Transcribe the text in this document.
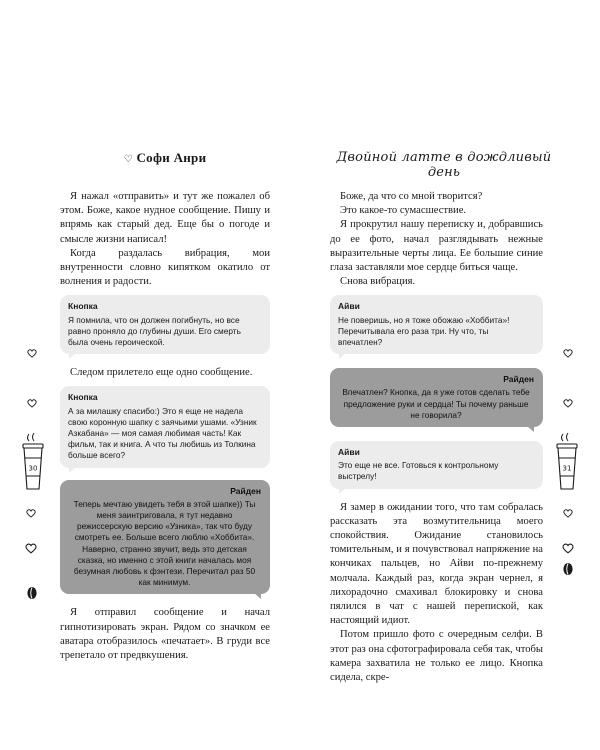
♡ Софи Анри

Я нажал «отправить» и тут же пожалел об этом. Боже, какое нудное сообщение. Пишу и впрямь как старый дед. Еще бы о погоде и смысле жизни написал!

Когда раздалась вибрация, мои внутренности словно кипятком окатило от волнения и радости.

Кнопка
Я помнила, что он должен погибнуть, но все равно проняло до глубины души. Его смерть была очень героической.

Следом прилетело еще одно сообщение.

Кнопка
А за милашку спасибо:) Это я еще не надела свою коронную шапку с заячьими ушами. «Узник Азкабана» — моя самая любимая часть! Как фильм, так и книга. А что ты любишь из Толкина больше всего?
Райден
Теперь мечтаю увидеть тебя в этой шапке)) Ты меня заинтриговала, я тут недавно режиссерскую версию «Узника», так что буду смотреть ее. Больше всего люблю «Хоббита». Наверно, странно звучит, ведь это детская сказка, но именно с этой книги началась моя безумная любовь к фэнтези. Перечитал раз 50 как минимум.

Я отправил сообщение и начал гипнотизировать экран. Рядом со значком ее аватара отобразилось «печатает». В груди все трепетало от предвкушения.

30
Двойной латте в дождливый день

Боже, да что со мной творится?

Это какое-то сумасшествие.

Я прокрутил нашу переписку и, добравшись до ее фото, начал разглядывать нежные выразительные черты лица. Ее большие синие глаза заставляли мое сердце биться чаще.

Снова вибрация.

Айви
Не поверишь, но я тоже обожаю «Хоббита»! Перечитывала его раза три. Ну что, ты впечатлен?
Райден
Впечатлен? Кнопка, да я уже готов сделать тебе предложение руки и сердца! Ты почему раньше не говорила?
Айви
Это еще не все. Готовься к контрольному выстрелу!

Я замер в ожидании того, что там собралась рассказать эта возмутительница моего спокойствия. Ожидание становилось томительным, и я почувствовал напряжение на кончиках пальцев, но Айви по-прежнему молчала. Каждый раз, когда экран чернел, я лихорадочно смахивал блокировку и снова пялился в чат с нашей перепиской, как настоящий идиот.

Потом пришло фото с очередным селфи. В этот раз она сфотографировала себя так, чтобы камера захватила не только ее лицо. Кнопка сидела, скре-

31
